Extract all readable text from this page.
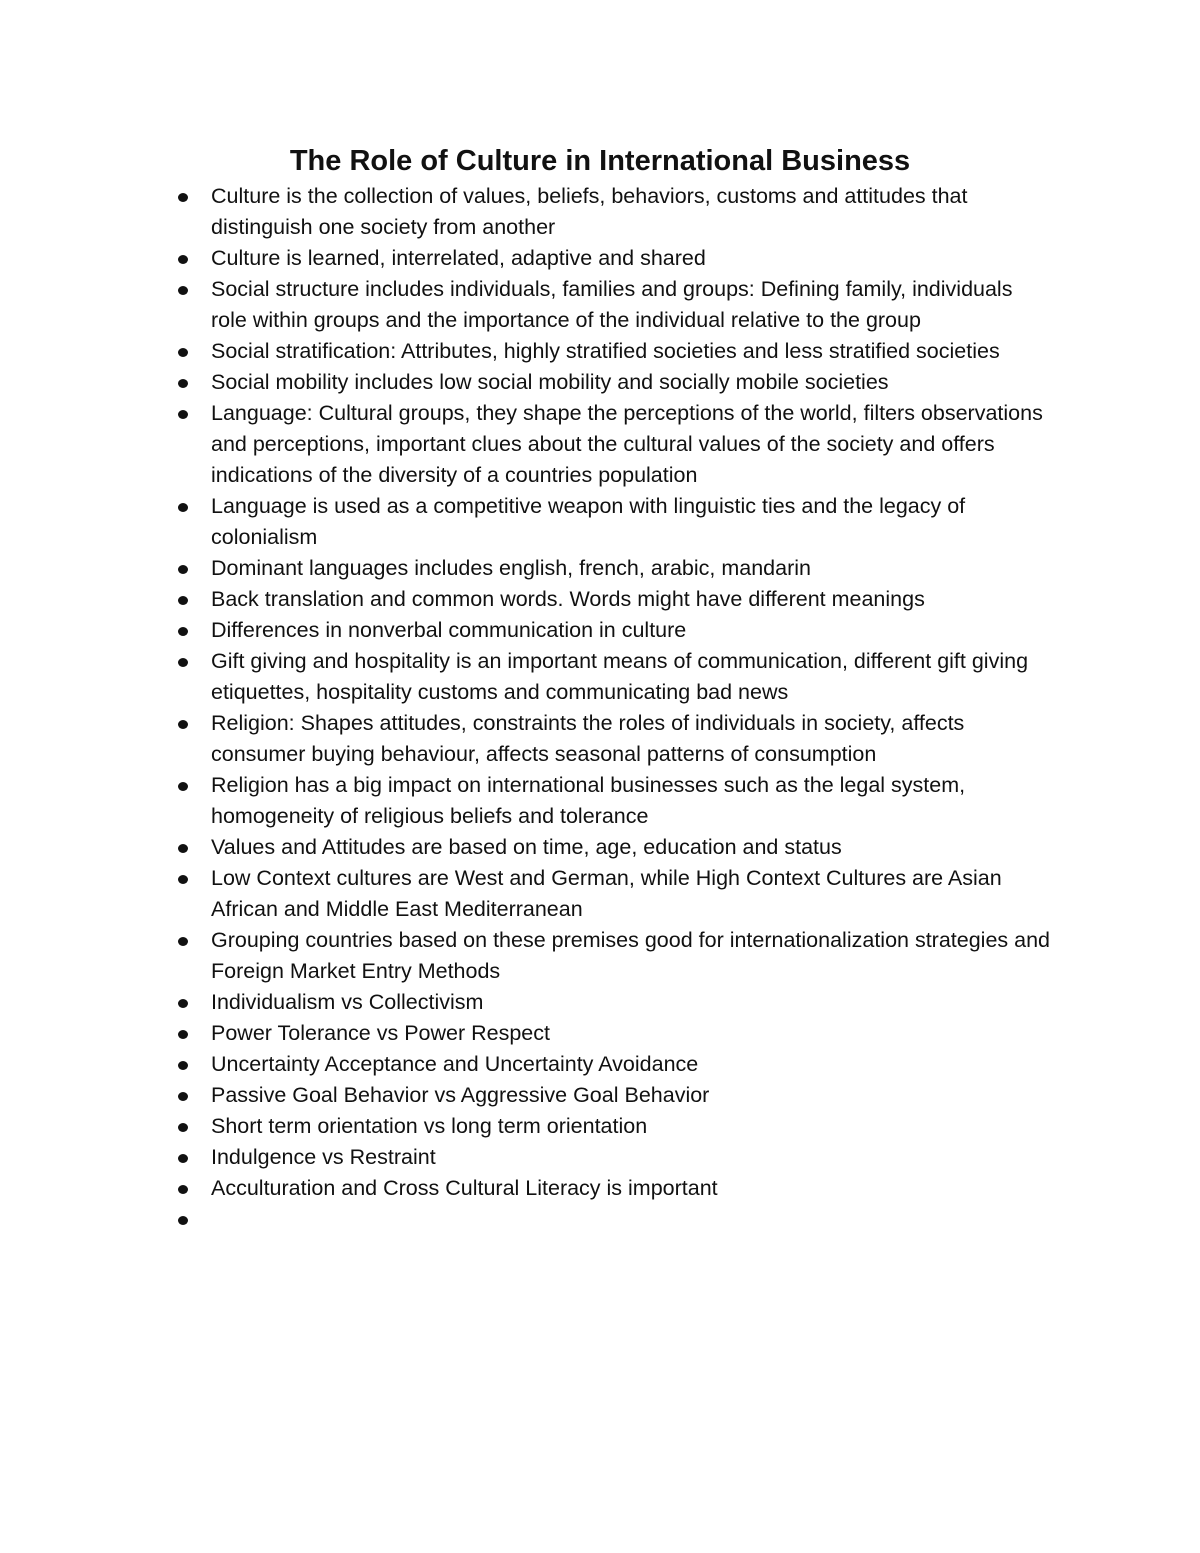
The Role of Culture in International Business
Culture is the collection of values, beliefs, behaviors, customs and attitudes that distinguish one society from another
Culture is learned, interrelated, adaptive and shared
Social structure includes individuals, families and groups: Defining family, individuals role within groups and the importance of the individual relative to the group
Social stratification: Attributes, highly stratified societies and less stratified societies
Social mobility includes low social mobility and socially mobile societies
Language: Cultural groups, they shape the perceptions of the world, filters observations and perceptions, important clues about the cultural values of the society and offers indications of the diversity of a countries population
Language is used as a competitive weapon with linguistic ties and the legacy of colonialism
Dominant languages includes english, french, arabic, mandarin
Back translation and common words. Words might have different meanings
Differences in nonverbal communication in culture
Gift giving and hospitality is an important means of communication, different gift giving etiquettes, hospitality customs and communicating bad news
Religion: Shapes attitudes, constraints the roles of individuals in society, affects consumer buying behaviour, affects seasonal patterns of consumption
Religion has a big impact on international businesses such as the legal system, homogeneity of religious beliefs and tolerance
Values and Attitudes are based on time, age, education and status
Low Context cultures are West and German, while High Context Cultures are Asian African and Middle East Mediterranean
Grouping countries based on these premises good for internationalization strategies and Foreign Market Entry Methods
Individualism vs Collectivism
Power Tolerance vs Power Respect
Uncertainty Acceptance and Uncertainty Avoidance
Passive Goal Behavior vs Aggressive Goal Behavior
Short term orientation vs long term orientation
Indulgence vs Restraint
Acculturation and Cross Cultural Literacy is important
